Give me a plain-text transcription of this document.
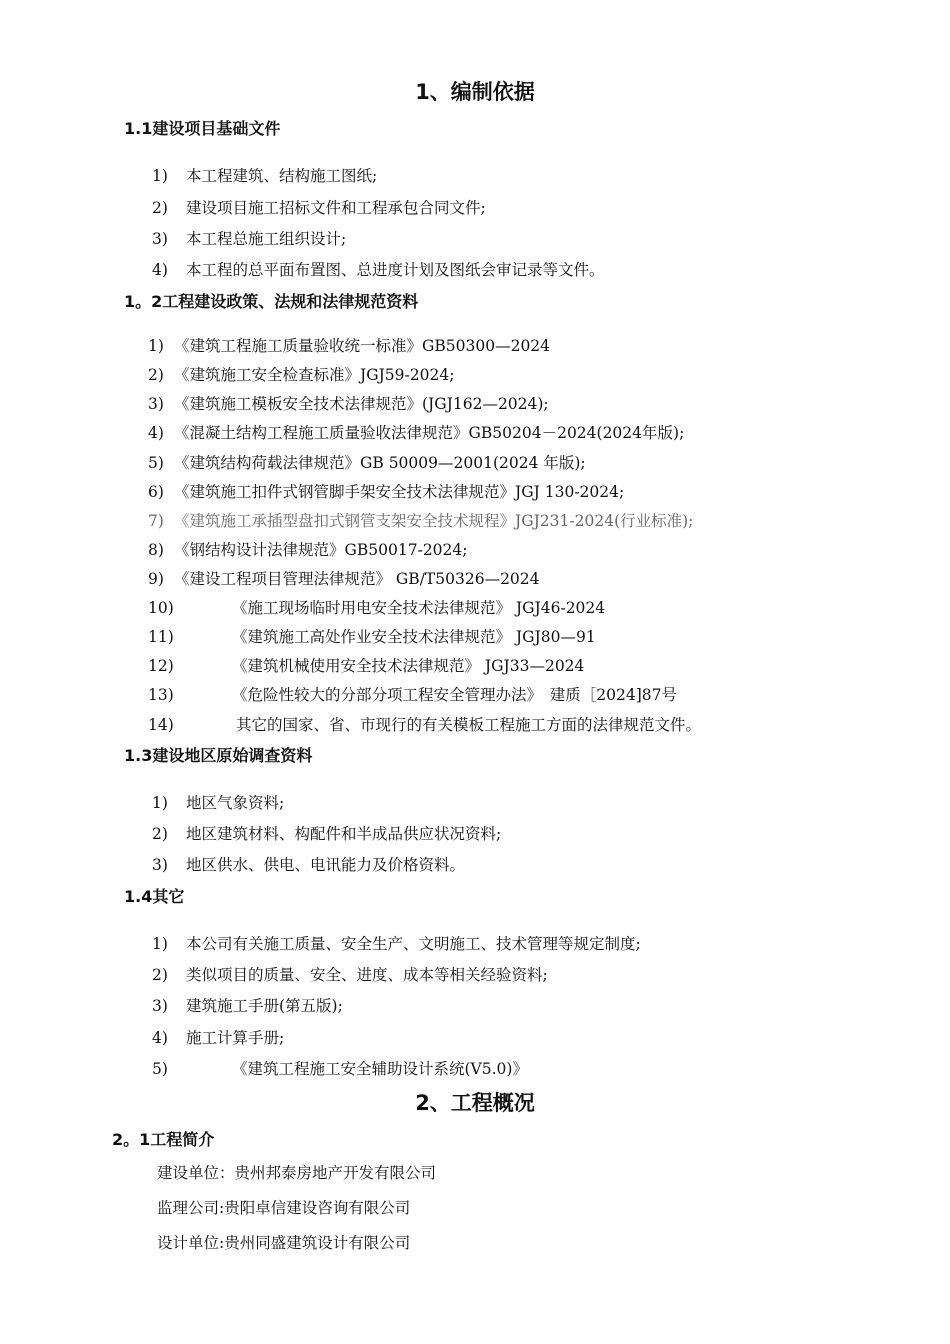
1、编制依据
1.1建设项目基础文件
1) 本工程建筑、结构施工图纸;
2) 建设项目施工招标文件和工程承包合同文件;
3) 本工程总施工组织设计;
4) 本工程的总平面布置图、总进度计划及图纸会审记录等文件。
1。2工程建设政策、法规和法律规范资料
1) 《建筑工程施工质量验收统一标准》GB50300—2024
2) 《建筑施工安全检查标准》JGJ59-2024;
3) 《建筑施工模板安全技术法律规范》(JGJ162—2024);
4) 《混凝土结构工程施工质量验收法律规范》GB50204－2024(2024年版);
5) 《建筑结构荷载法律规范》GB 50009—2001(2024 年版);
6) 《建筑施工扣件式钢管脚手架安全技术法律规范》JGJ 130-2024;
7) 《建筑施工承插型盘扣式钢管支架安全技术规程》JGJ231-2024(行业标准);
8) 《钢结构设计法律规范》GB50017-2024;
9) 《建设工程项目管理法律规范》 GB/T50326—2024
10)	《施工现场临时用电安全技术法律规范》 JGJ46-2024
11)	《建筑施工高处作业安全技术法律规范》 JGJ80—91
12)	《建筑机械使用安全技术法律规范》 JGJ33—2024
13)	《危险性较大的分部分项工程安全管理办法》　建质［2024]87号
14)	其它的国家、省、市现行的有关模板工程施工方面的法律规范文件。
1.3建设地区原始调查资料
1) 地区气象资料;
2) 地区建筑材料、构配件和半成品供应状况资料;
3) 地区供水、供电、电讯能力及价格资料。
1.4其它
1) 本公司有关施工质量、安全生产、文明施工、技术管理等规定制度;
2) 类似项目的质量、安全、进度、成本等相关经验资料;
3) 建筑施工手册(第五版);
4) 施工计算手册;
5)	《建筑工程施工安全辅助设计系统(V5.0)》
2、工程概况
2。1工程简介
建设单位：贵州邦泰房地产开发有限公司
监理公司:贵阳卓信建设咨询有限公司
设计单位:贵州同盛建筑设计有限公司
